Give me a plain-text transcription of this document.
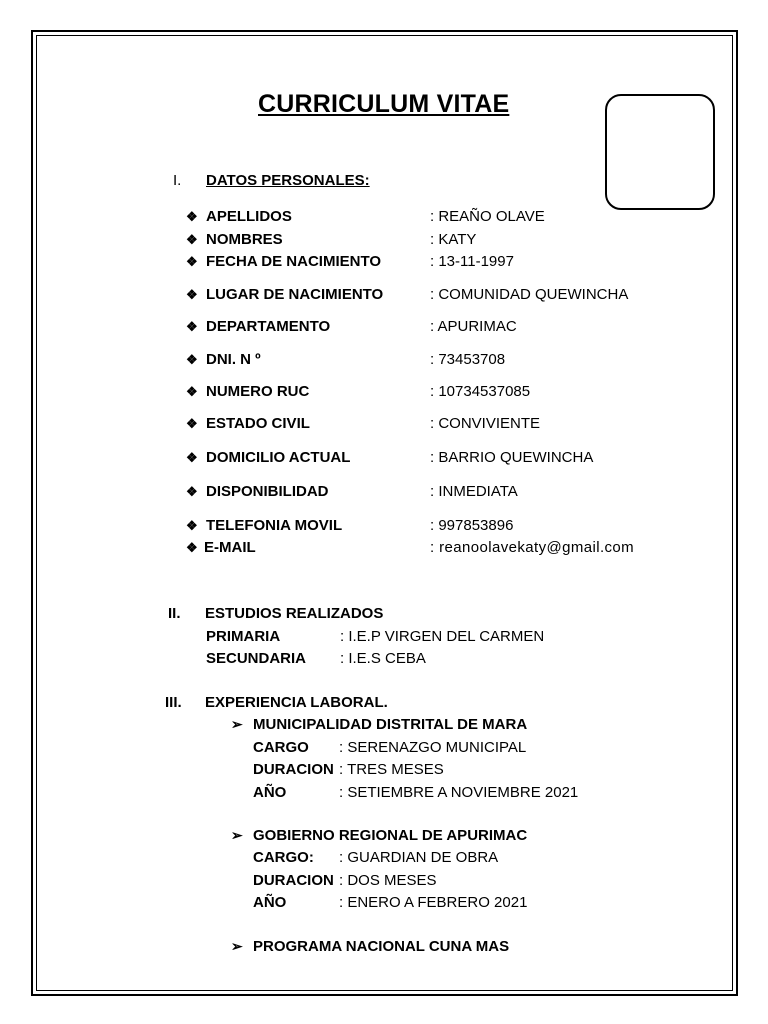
CURRICULUM VITAE
I. DATOS PERSONALES:
❖ APELLIDOS	: REAÑO OLAVE
❖ NOMBRES	: KATY
❖ FECHA DE NACIMIENTO	: 13-11-1997
❖ LUGAR DE NACIMIENTO	: COMUNIDAD QUEWINCHA
❖ DEPARTAMENTO	: APURIMAC
❖ DNI. N º	: 73453708
❖ NUMERO RUC	: 10734537085
❖ ESTADO CIVIL	: CONVIVIENTE
❖ DOMICILIO ACTUAL	: BARRIO QUEWINCHA
❖ DISPONIBILIDAD	: INMEDIATA
❖ TELEFONIA MOVIL	: 997853896
❖ E-MAIL	: reanoolavekaty@gmail.com
II. ESTUDIOS REALIZADOS
PRIMARIA	: I.E.P VIRGEN DEL CARMEN
SECUNDARIA : I.E.S CEBA
III. EXPERIENCIA LABORAL.
➢ MUNICIPALIDAD DISTRITAL DE MARA
CARGO : SERENAZGO MUNICIPAL
DURACION : TRES MESES
AÑO	: SETIEMBRE A NOVIEMBRE 2021
➢ GOBIERNO REGIONAL DE APURIMAC
CARGO: : GUARDIAN DE OBRA
DURACION : DOS MESES
AÑO	: ENERO A FEBRERO 2021
➢ PROGRAMA NACIONAL CUNA MAS
